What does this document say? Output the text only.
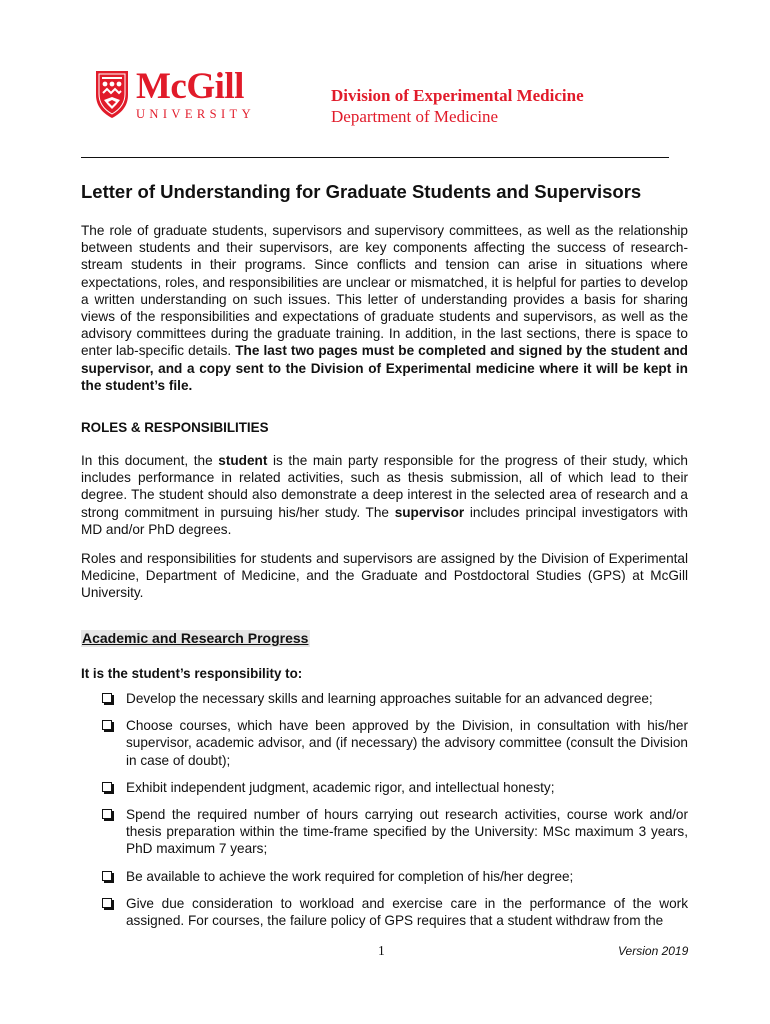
McGill
UNIVERSITY
Division of Experimental Medicine
Department of Medicine
Letter of Understanding for Graduate Students and Supervisors

The role of graduate students, supervisors and supervisory committees, as well as the relationship between students and their supervisors, are key components affecting the success of research-stream students in their programs. Since conflicts and tension can arise in situations where expectations, roles, and responsibilities are unclear or mismatched, it is helpful for parties to develop a written understanding on such issues. This letter of understanding provides a basis for sharing views of the responsibilities and expectations of graduate students and supervisors, as well as the advisory committees during the graduate training. In addition, in the last sections, there is space to enter lab-specific details. The last two pages must be completed and signed by the student and supervisor, and a copy sent to the Division of Experimental medicine where it will be kept in the student’s file.

ROLES & RESPONSIBILITIES

In this document, the student is the main party responsible for the progress of their study, which includes performance in related activities, such as thesis submission, all of which lead to their degree. The student should also demonstrate a deep interest in the selected area of research and a strong commitment in pursuing his/her study. The supervisor includes principal investigators with MD and/or PhD degrees.

Roles and responsibilities for students and supervisors are assigned by the Division of Experimental Medicine, Department of Medicine, and the Graduate and Postdoctoral Studies (GPS) at McGill University.

Academic and Research Progress
It is the student’s responsibility to:
Develop the necessary skills and learning approaches suitable for an advanced degree;
Choose courses, which have been approved by the Division, in consultation with his/her supervisor, academic advisor, and (if necessary) the advisory committee (consult the Division in case of doubt);
Exhibit independent judgment, academic rigor, and intellectual honesty;
Spend the required number of hours carrying out research activities, course work and/or thesis preparation within the time-frame specified by the University: MSc maximum 3 years, PhD maximum 7 years;
Be available to achieve the work required for completion of his/her degree;
Give due consideration to workload and exercise care in the performance of the work assigned. For courses, the failure policy of GPS requires that a student withdraw from the
1	Version 2019
